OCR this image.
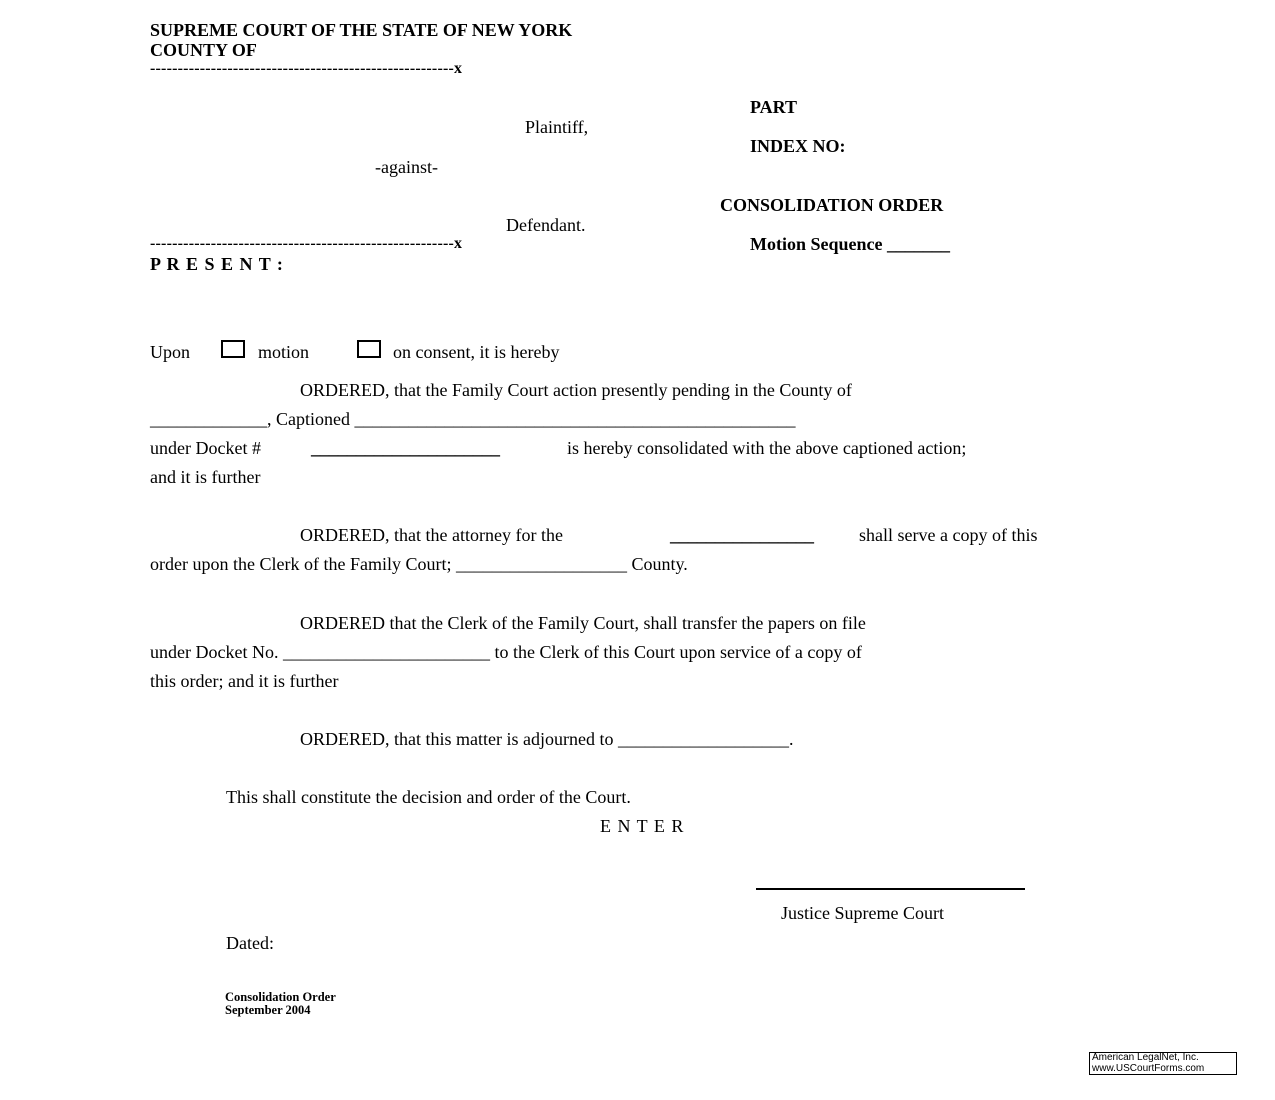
SUPREME COURT OF THE STATE OF NEW YORK
COUNTY OF
-------------------------------------------------------x
PART
Plaintiff,
INDEX NO:
-against-
CONSOLIDATION ORDER
Defendant.
-------------------------------------------------------x	Motion Sequence _______
P R E S E N T :
Upon	motion	on consent, it is hereby
ORDERED, that the Family Court action presently pending in the County of
_____________, Captioned _________________________________________________
under Docket #	_____________________	is hereby consolidated with the above captioned action;
and it is further
ORDERED, that the attorney for the	________________	shall serve a copy of this
order upon the Clerk of the Family Court; ___________________ County.
ORDERED that the Clerk of the Family Court, shall transfer the papers on file
under Docket No. _______________________ to the Clerk of this Court upon service of a copy of
this order; and it is further
ORDERED, that this matter is adjourned to ___________________.
This shall constitute the decision and order of the Court.
E N T E R
Justice Supreme Court
Dated:
Consolidation Order
September 2004
American LegalNet, Inc.
www.USCourtForms.com
